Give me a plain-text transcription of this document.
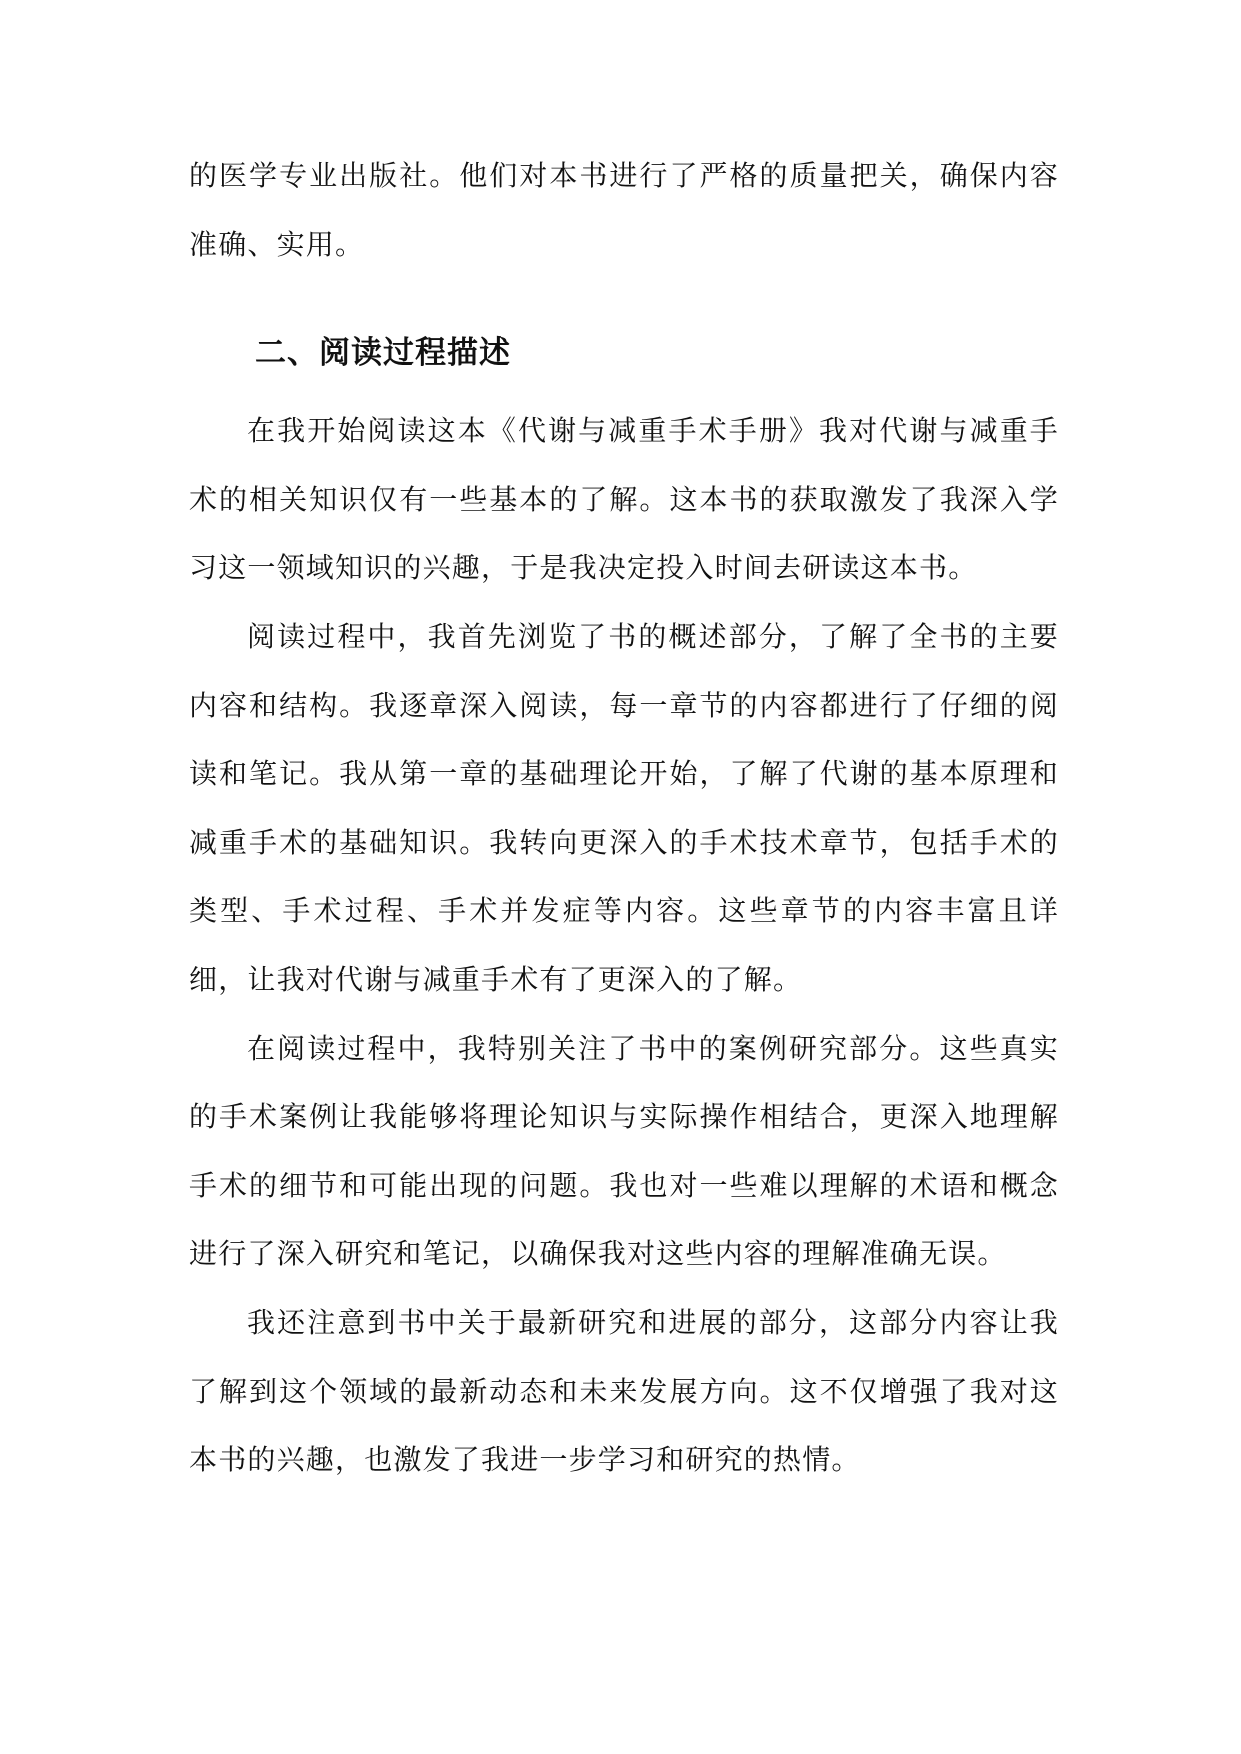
的医学专业出版社。他们对本书进行了严格的质量把关，确保内容准确、实用。

二、阅读过程描述

在我开始阅读这本《代谢与减重手术手册》我对代谢与减重手术的相关知识仅有一些基本的了解。这本书的获取激发了我深入学习这一领域知识的兴趣，于是我决定投入时间去研读这本书。

阅读过程中，我首先浏览了书的概述部分，了解了全书的主要内容和结构。我逐章深入阅读，每一章节的内容都进行了仔细的阅读和笔记。我从第一章的基础理论开始，了解了代谢的基本原理和减重手术的基础知识。我转向更深入的手术技术章节，包括手术的类型、手术过程、手术并发症等内容。这些章节的内容丰富且详细，让我对代谢与减重手术有了更深入的了解。

在阅读过程中，我特别关注了书中的案例研究部分。这些真实的手术案例让我能够将理论知识与实际操作相结合，更深入地理解手术的细节和可能出现的问题。我也对一些难以理解的术语和概念进行了深入研究和笔记，以确保我对这些内容的理解准确无误。

我还注意到书中关于最新研究和进展的部分，这部分内容让我了解到这个领域的最新动态和未来发展方向。这不仅增强了我对这本书的兴趣，也激发了我进一步学习和研究的热情。
